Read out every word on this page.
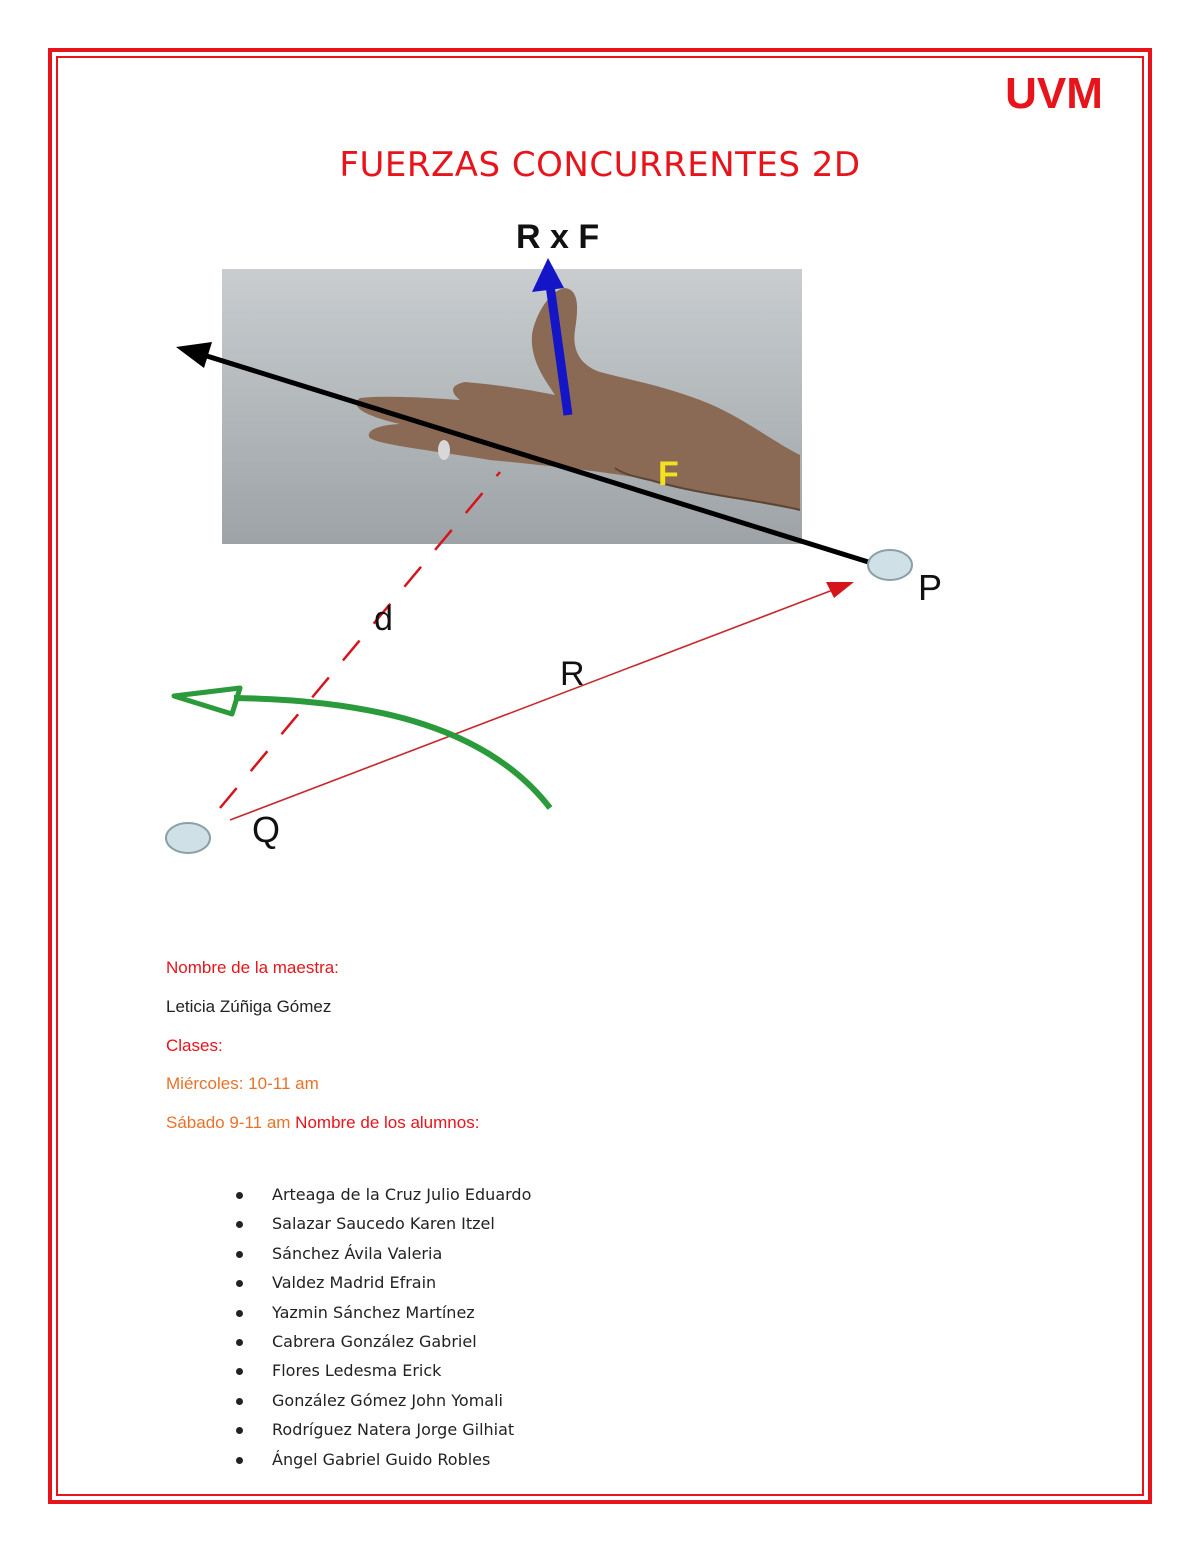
UVM
FUERZAS CONCURRENTES 2D
R x F
F
P
d
R
Q
Nombre de la maestra:
Leticia Zúñiga Gómez
Clases:
Miércoles: 10-11 am
Sábado 9-11 am Nombre de los alumnos:
Arteaga de la Cruz Julio Eduardo
Salazar Saucedo Karen Itzel
Sánchez Ávila Valeria
Valdez Madrid Efrain
Yazmin Sánchez Martínez
Cabrera González Gabriel
Flores Ledesma Erick
González Gómez John Yomali
Rodríguez Natera Jorge Gilhiat
Ángel Gabriel Guido Robles
